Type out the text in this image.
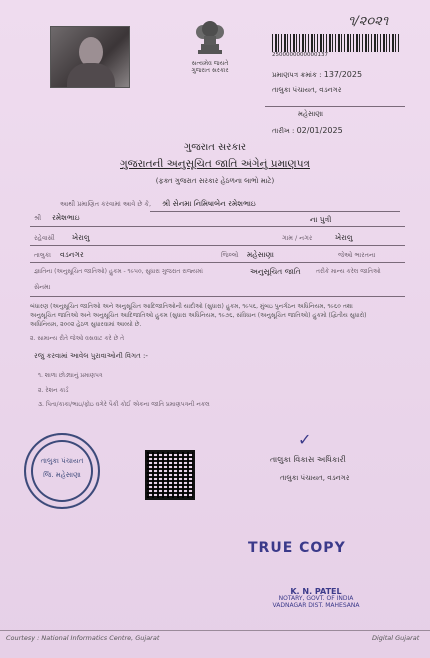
સત્યમેવ જયતે
ગુજરાત સરકાર
૧/૨૦૨૧
2500000000000137
પ્રમાણપત્ર ક્રમાંક : 137/2025
તાલુકા પંચાયત, વડનગર
મહેસાણા
તારીખ : 02/01/2025
ગુજરાત સરકાર
ગુજરાતની અનુસૂચિત જાતિ અંગેનું પ્રમાણપત્ર
(ફક્ત ગુજરાત સરકાર હેઠળના લાભો માટે)
આથી પ્રમાણિત કરવામાં આવે છે કે, શ્રી સેનમા નિમિષાબેન રમેશભાઇ
શ્રી રમેશભાઇ	ના પુત્રી
રહેવાસી ખેરાલુ	ગામ / નગર	ખેરાલુ
તાલુકા વડનગર	જિલ્લો મહેસાણા	જેઓ ભારતના
જ્ઞાતિના (અનુસૂચિત જાતિઓ) હુકમ - ૧૯૫૦, સુધારા ગુજરાત રાજ્યમાં	અનુસૂચિત જાતિ	તરીકે માન્ય કરેલ જાતિઓ
સેનમા
બંધારણ (અનુસૂચિત જાતિઓ અને અનુસૂચિત આદિજાતિઓની યાદીઓ (સુધારા) હુકમ, ૧૯૫૬, મુંબઇ પુનર્ગઠન અધિનિયમ, ૧૯૬૦ તથા
અનુસૂચિત જાતિઓ અને અનુસૂચિત આદિજાતિઓ હુકમ (સુધારા અધિનિયમ, ૧૯૭૬, સંવિધાન (અનુસૂચિત જાતિઓ) હુકમો (દ્વિતીય સુધારો)
અધિનિયમ, ૨૦૦૨ હેઠળ સુધારવામાં આવ્યો છે.
૨. સામાન્ય રીતે જેઓ વસવાટ કરે છે તે
રજુ કરવામાં આવેલ પુરાવાઓની વિગત :-
૧. શાળા છોડ્યાનું પ્રમાણપત્ર
૨. રેશન કાર્ડ
૩. પિતા/કાકા/ભાઇ/ફોઇ વગેરે પૈકી કોઈ એકના જાતિ પ્રમાણપત્રની નકલ
✓
તાલુકા વિકાસ અધિકારી
તાલુકા પંચાયત, વડનગર
તાલુકા પંચાયત
જિ. મહેસાણા
TRUE COPY
K. N. PATEL
NOTARY, GOVT. OF INDIA
VADNAGAR DIST. MAHESANA
Courtesy : National Informatics Centre, Gujarat	Digital Gujarat
